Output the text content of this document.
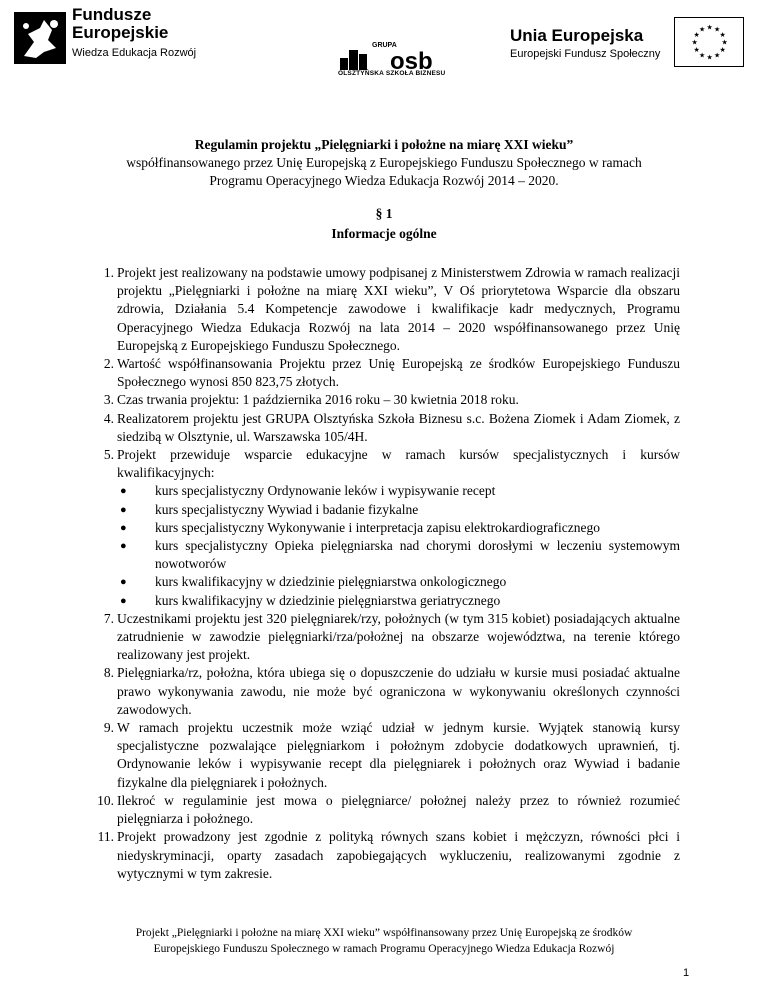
Fundusze
Europejskie
Wiedza Edukacja Rozwój	osb
GRUPA
OLSZTYŃSKA SZKOŁA BIZNESU
Unia Europejska
Europejski Fundusz Społeczny
★
★
★
★
★
★
★
★
★ ★ ★
★
Regulamin projektu „Pielęgniarki i położne na miarę XXI wieku”
współfinansowanego przez Unię Europejską z Europejskiego Funduszu Społecznego w ramach
Programu Operacyjnego Wiedza Edukacja Rozwój 2014 – 2020.
§ 1
Informacje ogólne
1. Projekt jest realizowany na podstawie umowy podpisanej z Ministerstwem Zdrowia w ramach realizacji projektu „Pielęgniarki i położne na miarę XXI wieku”, V Oś priorytetowa Wsparcie dla obszaru zdrowia, Działania 5.4 Kompetencje zawodowe i kwalifikacje kadr medycznych, Programu Operacyjnego Wiedza Edukacja Rozwój na lata 2014 – 2020 współfinansowanego przez Unię Europejską z Europejskiego Funduszu Społecznego.
2. Wartość współfinansowania Projektu przez Unię Europejską ze środków Europejskiego Funduszu Społecznego wynosi 850 823,75 złotych.
3. Czas trwania projektu: 1 października 2016 roku – 30 kwietnia 2018 roku.
4. Realizatorem projektu jest GRUPA Olsztyńska Szkoła Biznesu s.c. Bożena Ziomek i Adam Ziomek, z siedzibą w Olsztynie, ul. Warszawska 105/4H.
5. Projekt przewiduje wsparcie edukacyjne w ramach kursów specjalistycznych i kursów kwalifikacyjnych:
● kurs specjalistyczny Ordynowanie leków i wypisywanie recept
● kurs specjalistyczny Wywiad i badanie fizykalne
● kurs specjalistyczny Wykonywanie i interpretacja zapisu elektrokardiograficznego
● kurs specjalistyczny Opieka pielęgniarska nad chorymi dorosłymi w leczeniu systemowym nowotworów
● kurs kwalifikacyjny w dziedzinie pielęgniarstwa onkologicznego
● kurs kwalifikacyjny w dziedzinie pielęgniarstwa geriatrycznego
7. Uczestnikami projektu jest 320 pielęgniarek/rzy, położnych (w tym 315 kobiet) posiadających aktualne zatrudnienie w zawodzie pielęgniarki/rza/położnej na obszarze województwa, na terenie którego realizowany jest projekt.
8. Pielęgniarka/rz, położna, która ubiega się o dopuszczenie do udziału w kursie musi posiadać aktualne prawo wykonywania zawodu, nie może być ograniczona w wykonywaniu określonych czynności zawodowych.
9. W ramach projektu uczestnik może wziąć udział w jednym kursie. Wyjątek stanowią kursy specjalistyczne pozwalające pielęgniarkom i położnym zdobycie dodatkowych uprawnień, tj. Ordynowanie leków i wypisywanie recept dla pielęgniarek i położnych oraz Wywiad i badanie fizykalne dla pielęgniarek i położnych.
10. Ilekroć w regulaminie jest mowa o pielęgniarce/ położnej należy przez to również rozumieć pielęgniarza i położnego.
11. Projekt prowadzony jest zgodnie z polityką równych szans kobiet i mężczyzn, równości płci i niedyskryminacji, oparty zasadach zapobiegających wykluczeniu, realizowanymi zgodnie z wytycznymi w tym zakresie.
Projekt „Pielęgniarki i położne na miarę XXI wieku” współfinansowany przez Unię Europejską ze środków
Europejskiego Funduszu Społecznego w ramach Programu Operacyjnego Wiedza Edukacja Rozwój
1
